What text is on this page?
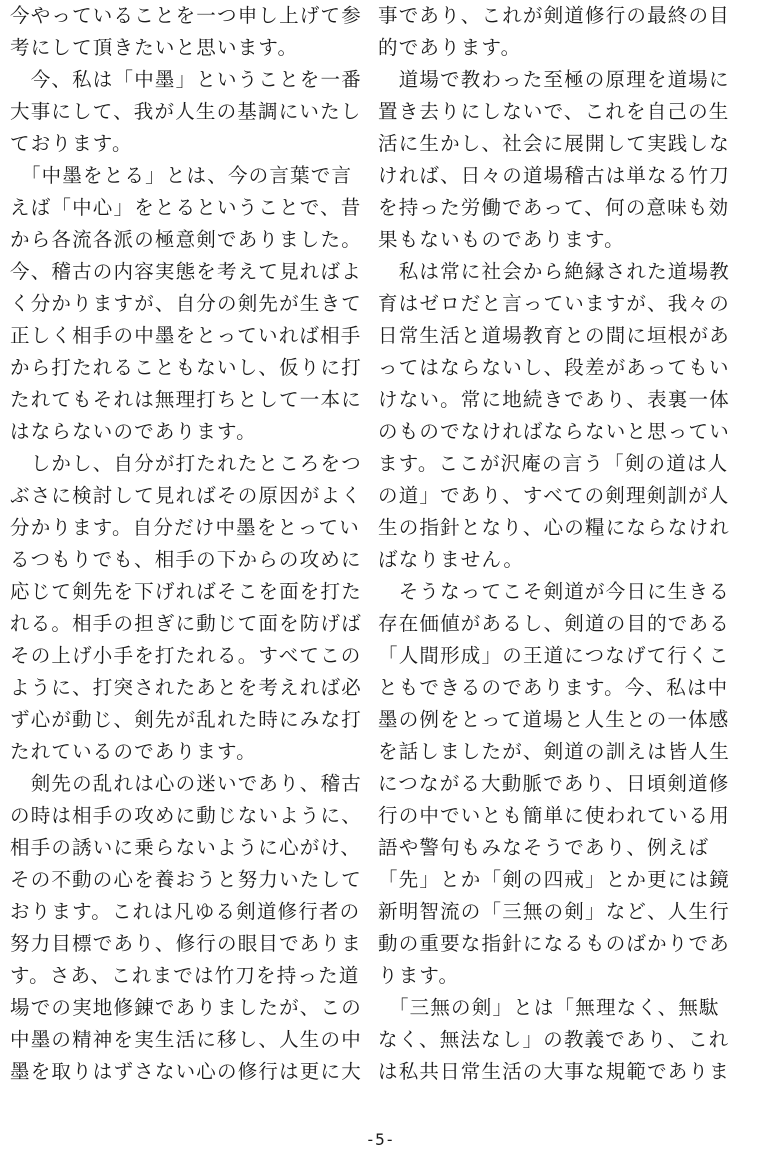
今やっていることを一つ申し上げて参
考にして頂きたいと思います。
　今、私は「中墨」ということを一番
大事にして、我が人生の基調にいたし
ております。
　「中墨をとる」とは、今の言葉で言
えば「中心」をとるということで、昔
から各流各派の極意剣でありました。
今、稽古の内容実態を考えて見ればよ
く分かりますが、自分の剣先が生きて
正しく相手の中墨をとっていれば相手
から打たれることもないし、仮りに打
たれてもそれは無理打ちとして一本に
はならないのであります。
　しかし、自分が打たれたところをつ
ぶさに検討して見ればその原因がよく
分かります。自分だけ中墨をとってい
るつもりでも、相手の下からの攻めに
応じて剣先を下げればそこを面を打た
れる。相手の担ぎに動じて面を防げば
その上げ小手を打たれる。すべてこの
ように、打突されたあとを考えれば必
ず心が動じ、剣先が乱れた時にみな打
たれているのであります。
　剣先の乱れは心の迷いであり、稽古
の時は相手の攻めに動じないように、
相手の誘いに乗らないように心がけ、
その不動の心を養おうと努力いたして
おります。これは凡ゆる剣道修行者の
努力目標であり、修行の眼目でありま
す。さあ、これまでは竹刀を持った道
場での実地修錬でありましたが、この
中墨の精神を実生活に移し、人生の中
墨を取りはずさない心の修行は更に大
事であり、これが剣道修行の最終の目
的であります。
　道場で教わった至極の原理を道場に
置き去りにしないで、これを自己の生
活に生かし、社会に展開して実践しな
ければ、日々の道場稽古は単なる竹刀
を持った労働であって、何の意味も効
果もないものであります。
　私は常に社会から絶縁された道場教
育はゼロだと言っていますが、我々の
日常生活と道場教育との間に垣根があ
ってはならないし、段差があってもい
けない。常に地続きであり、表裏一体
のものでなければならないと思ってい
ます。ここが沢庵の言う「剣の道は人
の道」であり、すべての剣理剣訓が人
生の指針となり、心の糧にならなけれ
ばなりません。
　そうなってこそ剣道が今日に生きる
存在価値があるし、剣道の目的である
「人間形成」の王道につなげて行くこ
ともできるのであります。今、私は中
墨の例をとって道場と人生との一体感
を話しましたが、剣道の訓えは皆人生
につながる大動脈であり、日頃剣道修
行の中でいとも簡単に使われている用
語や警句もみなそうであり、例えば
「先」とか「剣の四戒」とか更には鏡
新明智流の「三無の剣」など、人生行
動の重要な指針になるものばかりであ
ります。
　「三無の剣」とは「無理なく、無駄
なく、無法なし」の教義であり、これ
は私共日常生活の大事な規範でありま
-5-
